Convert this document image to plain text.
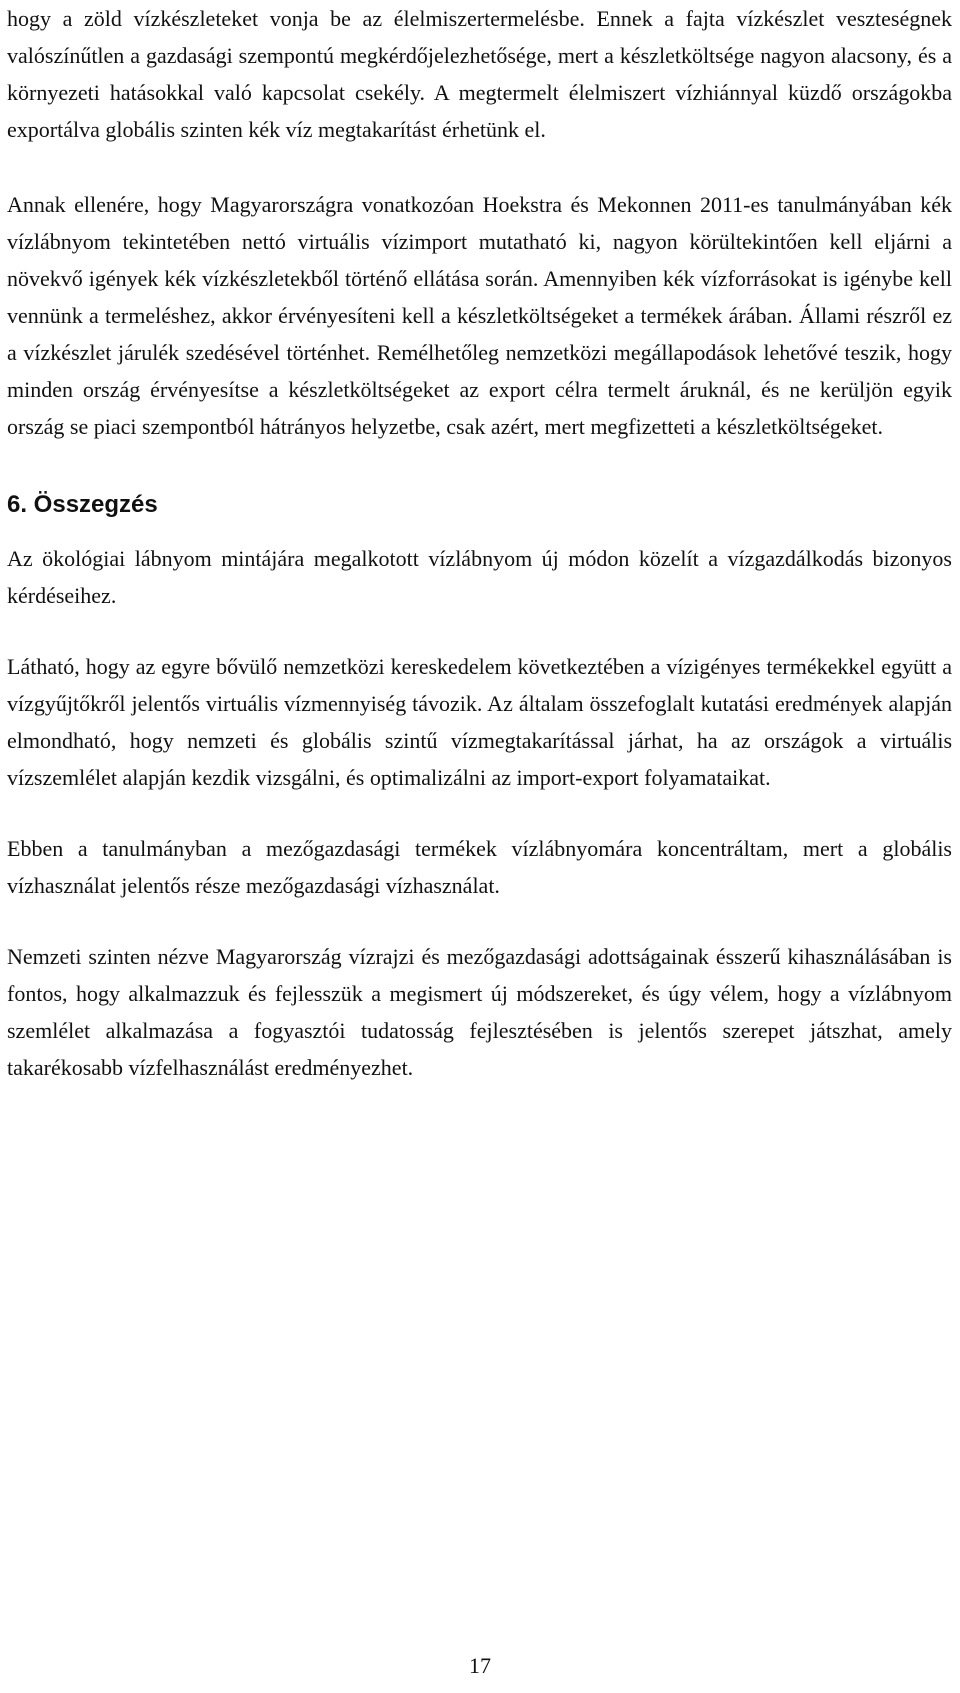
hogy a zöld vízkészleteket vonja be az élelmiszertermelésbe. Ennek a fajta vízkészlet veszteségnek valószínűtlen a gazdasági szempontú megkérdőjelezhetősége, mert a készletköltsége nagyon alacsony, és a környezeti hatásokkal való kapcsolat csekély. A megtermelt élelmiszert vízhiánnyal küzdő országokba exportálva globális szinten kék víz megtakarítást érhetünk el.

Annak ellenére, hogy Magyarországra vonatkozóan Hoekstra és Mekonnen 2011-es tanulmányában kék vízlábnyom tekintetében nettó virtuális vízimport mutatható ki, nagyon körültekintően kell eljárni a növekvő igények kék vízkészletekből történő ellátása során. Amennyiben kék vízforrásokat is igénybe kell vennünk a termeléshez, akkor érvényesíteni kell a készletköltségeket a termékek árában. Állami részről ez a vízkészlet járulék szedésével történhet. Remélhetőleg nemzetközi megállapodások lehetővé teszik, hogy minden ország érvényesítse a készletköltségeket az export célra termelt áruknál, és ne kerüljön egyik ország se piaci szempontból hátrányos helyzetbe, csak azért, mert megfizetteti a készletköltségeket.

6. Összegzés

Az ökológiai lábnyom mintájára megalkotott vízlábnyom új módon közelít a vízgazdálkodás bizonyos kérdéseihez.

Látható, hogy az egyre bővülő nemzetközi kereskedelem következtében a vízigényes termékekkel együtt a vízgyűjtőkről jelentős virtuális vízmennyiség távozik. Az általam összefoglalt kutatási eredmények alapján elmondható, hogy nemzeti és globális szintű vízmegtakarítással járhat, ha az országok a virtuális vízszemlélet alapján kezdik vizsgálni, és optimalizálni az import-export folyamataikat.

Ebben a tanulmányban a mezőgazdasági termékek vízlábnyomára koncentráltam, mert a globális vízhasználat jelentős része mezőgazdasági vízhasználat.

Nemzeti szinten nézve Magyarország vízrajzi és mezőgazdasági adottságainak ésszerű kihasználásában is fontos, hogy alkalmazzuk és fejlesszük a megismert új módszereket, és úgy vélem, hogy a vízlábnyom szemlélet alkalmazása a fogyasztói tudatosság fejlesztésében is jelentős szerepet játszhat, amely takarékosabb vízfelhasználást eredményezhet.

17
